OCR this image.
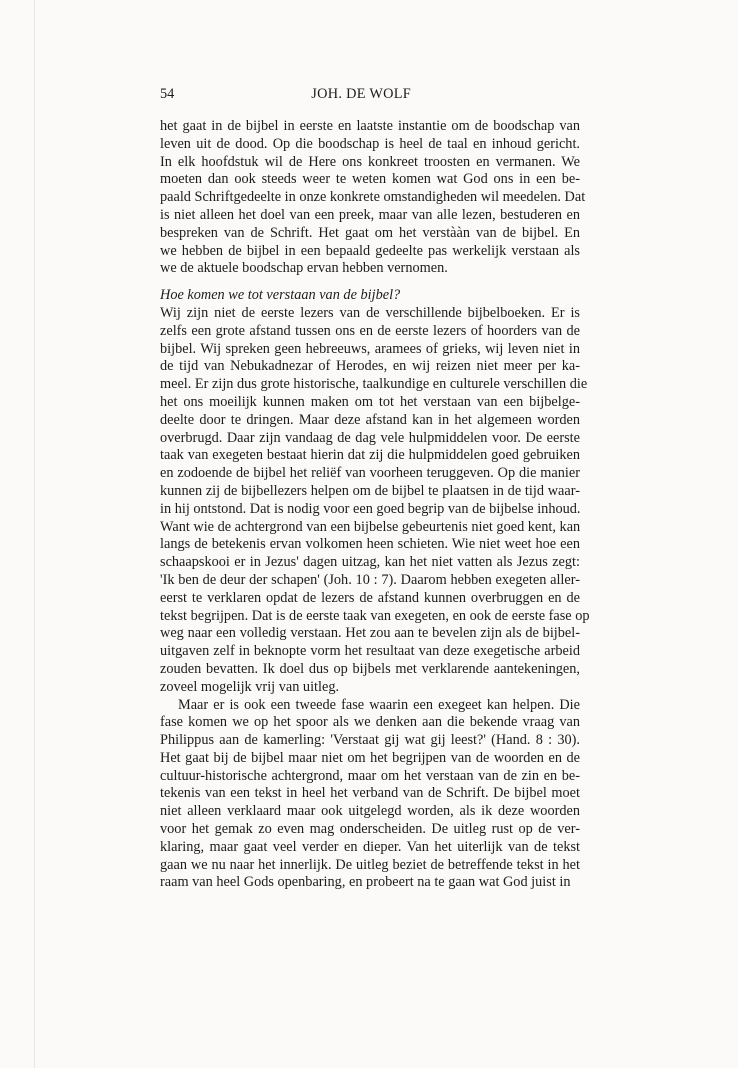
54	JOH. DE WOLF
het gaat in de bijbel in eerste en laatste instantie om de boodschap van
leven uit de dood. Op die boodschap is heel de taal en inhoud gericht.
In elk hoofdstuk wil de Here ons konkreet troosten en vermanen. We
moeten dan ook steeds weer te weten komen wat God ons in een be-
paald Schriftgedeelte in onze konkrete omstandigheden wil meedelen. Dat
is niet alleen het doel van een preek, maar van alle lezen, bestuderen en
bespreken van de Schrift. Het gaat om het verstààn van de bijbel. En
we hebben de bijbel in een bepaald gedeelte pas werkelijk verstaan als
we de aktuele boodschap ervan hebben vernomen.
Hoe komen we tot verstaan van de bijbel?
Wij zijn niet de eerste lezers van de verschillende bijbelboeken. Er is
zelfs een grote afstand tussen ons en de eerste lezers of hoorders van de
bijbel. Wij spreken geen hebreeuws, aramees of grieks, wij leven niet in
de tijd van Nebukadnezar of Herodes, en wij reizen niet meer per ka-
meel. Er zijn dus grote historische, taalkundige en culturele verschillen die
het ons moeilijk kunnen maken om tot het verstaan van een bijbelge-
deelte door te dringen. Maar deze afstand kan in het algemeen worden
overbrugd. Daar zijn vandaag de dag vele hulpmiddelen voor. De eerste
taak van exegeten bestaat hierin dat zij die hulpmiddelen goed gebruiken
en zodoende de bijbel het reliëf van voorheen teruggeven. Op die manier
kunnen zij de bijbellezers helpen om de bijbel te plaatsen in de tijd waar-
in hij ontstond. Dat is nodig voor een goed begrip van de bijbelse inhoud.
Want wie de achtergrond van een bijbelse gebeurtenis niet goed kent, kan
langs de betekenis ervan volkomen heen schieten. Wie niet weet hoe een
schaapskooi er in Jezus' dagen uitzag, kan het niet vatten als Jezus zegt:
'Ik ben de deur der schapen' (Joh. 10 : 7). Daarom hebben exegeten aller-
eerst te verklaren opdat de lezers de afstand kunnen overbruggen en de
tekst begrijpen. Dat is de eerste taak van exegeten, en ook de eerste fase op
weg naar een volledig verstaan. Het zou aan te bevelen zijn als de bijbel-
uitgaven zelf in beknopte vorm het resultaat van deze exegetische arbeid
zouden bevatten. Ik doel dus op bijbels met verklarende aantekeningen,
zoveel mogelijk vrij van uitleg.
Maar er is ook een tweede fase waarin een exegeet kan helpen. Die
fase komen we op het spoor als we denken aan die bekende vraag van
Philippus aan de kamerling: 'Verstaat gij wat gij leest?' (Hand. 8 : 30).
Het gaat bij de bijbel maar niet om het begrijpen van de woorden en de
cultuur-historische achtergrond, maar om het verstaan van de zin en be-
tekenis van een tekst in heel het verband van de Schrift. De bijbel moet
niet alleen verklaard maar ook uitgelegd worden, als ik deze woorden
voor het gemak zo even mag onderscheiden. De uitleg rust op de ver-
klaring, maar gaat veel verder en dieper. Van het uiterlijk van de tekst
gaan we nu naar het innerlijk. De uitleg beziet de betreffende tekst in het
raam van heel Gods openbaring, en probeert na te gaan wat God juist in
